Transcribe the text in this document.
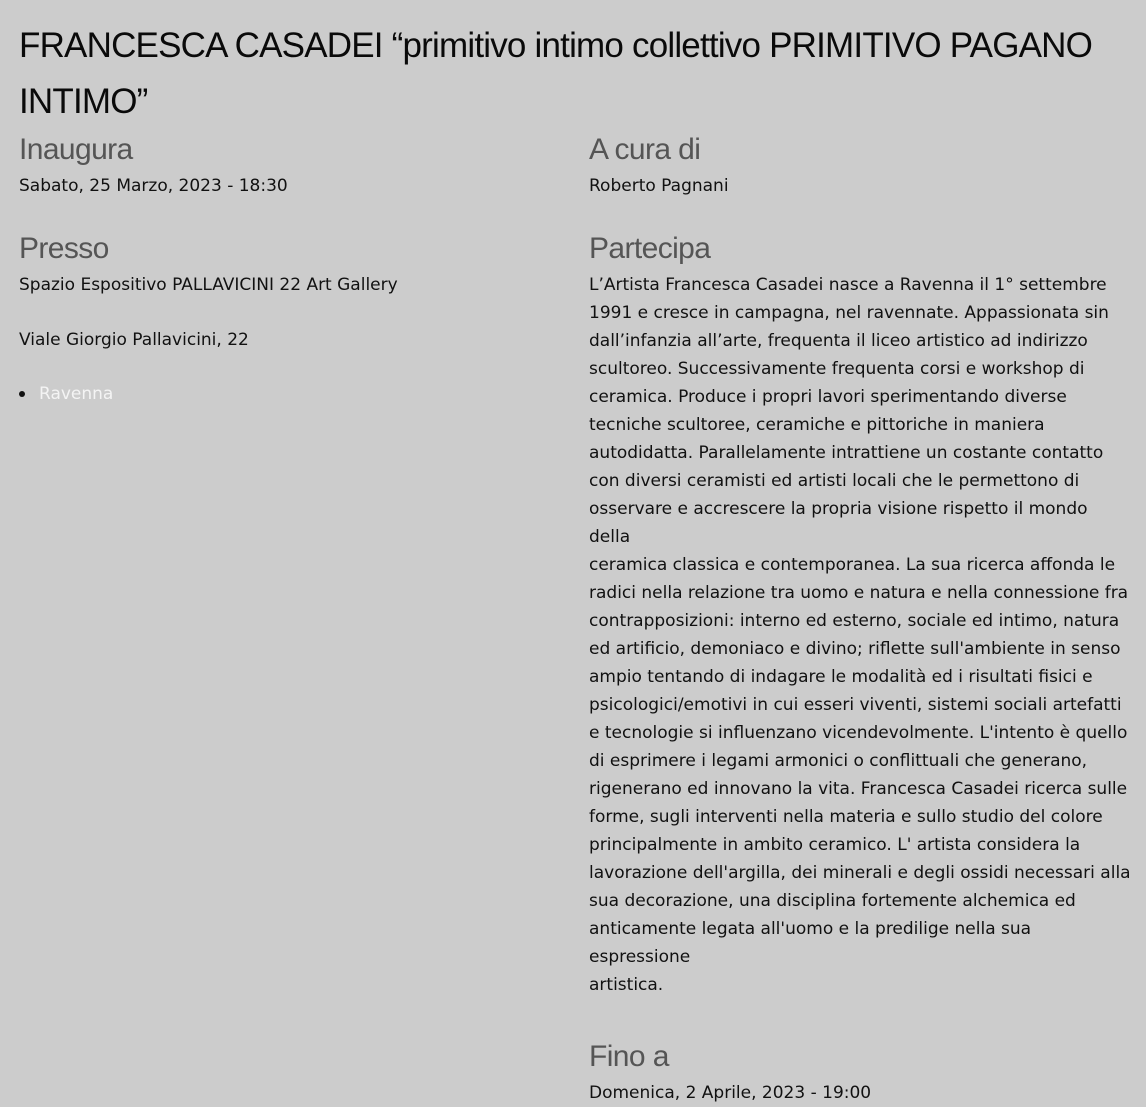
FRANCESCA CASADEI “primitivo intimo collettivo PRIMITIVO PAGANO INTIMO”
Inaugura

Sabato, 25 Marzo, 2023 - 18:30

Presso

Spazio Espositivo PALLAVICINI 22 Art Gallery

Viale Giorgio Pallavicini, 22

Ravenna
A cura di

Roberto Pagnani

Partecipa

L’Artista Francesca Casadei nasce a Ravenna il 1° settembre
1991 e cresce in campagna, nel ravennate. Appassionata sin
dall’infanzia all’arte, frequenta il liceo artistico ad indirizzo
scultoreo. Successivamente frequenta corsi e workshop di
ceramica. Produce i propri lavori sperimentando diverse
tecniche scultoree, ceramiche e pittoriche in maniera
autodidatta. Parallelamente intrattiene un costante contatto
con diversi ceramisti ed artisti locali che le permettono di
osservare e accrescere la propria visione rispetto il mondo della
ceramica classica e contemporanea. La sua ricerca affonda le
radici nella relazione tra uomo e natura e nella connessione fra
contrapposizioni: interno ed esterno, sociale ed intimo, natura
ed artificio, demoniaco e divino; riflette sull'ambiente in senso
ampio tentando di indagare le modalità ed i risultati fisici e
psicologici/emotivi in cui esseri viventi, sistemi sociali artefatti
e tecnologie si influenzano vicendevolmente. L'intento è quello
di esprimere i legami armonici o conflittuali che generano,
rigenerano ed innovano la vita. Francesca Casadei ricerca sulle
forme, sugli interventi nella materia e sullo studio del colore
principalmente in ambito ceramico. L' artista considera la
lavorazione dell'argilla, dei minerali e degli ossidi necessari alla
sua decorazione, una disciplina fortemente alchemica ed
anticamente legata all'uomo e la predilige nella sua espressione
artistica.

Fino a

Domenica, 2 Aprile, 2023 - 19:00
